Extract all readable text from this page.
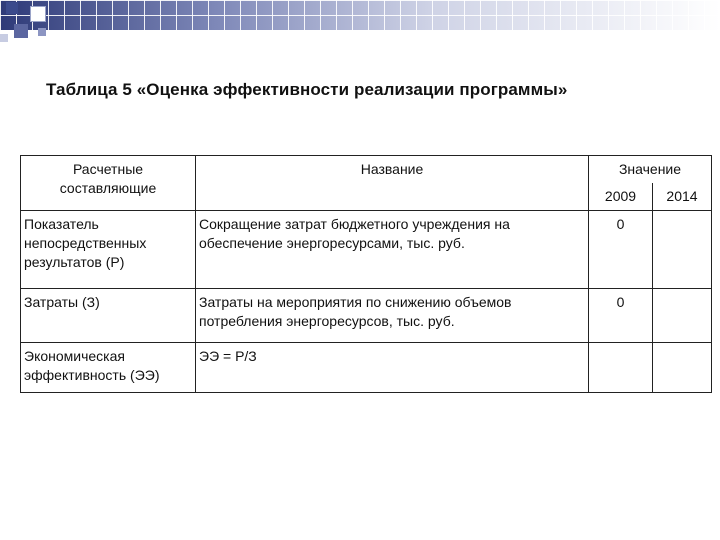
Таблица 5 «Оценка эффективности реализации программы»
Расчетные составляющие	Название	Значение	
		2009	2014
Показатель непосредственных результатов (Р)	Сокращение затрат бюджетного учреждения на обеспечение энергоресурсами, тыс. руб.	0	
Затраты (З)	Затраты на мероприятия по снижению объемов потребления энергоресурсов, тыс. руб.	0	
Экономическая эффективность (ЭЭ)	ЭЭ = Р/З		
